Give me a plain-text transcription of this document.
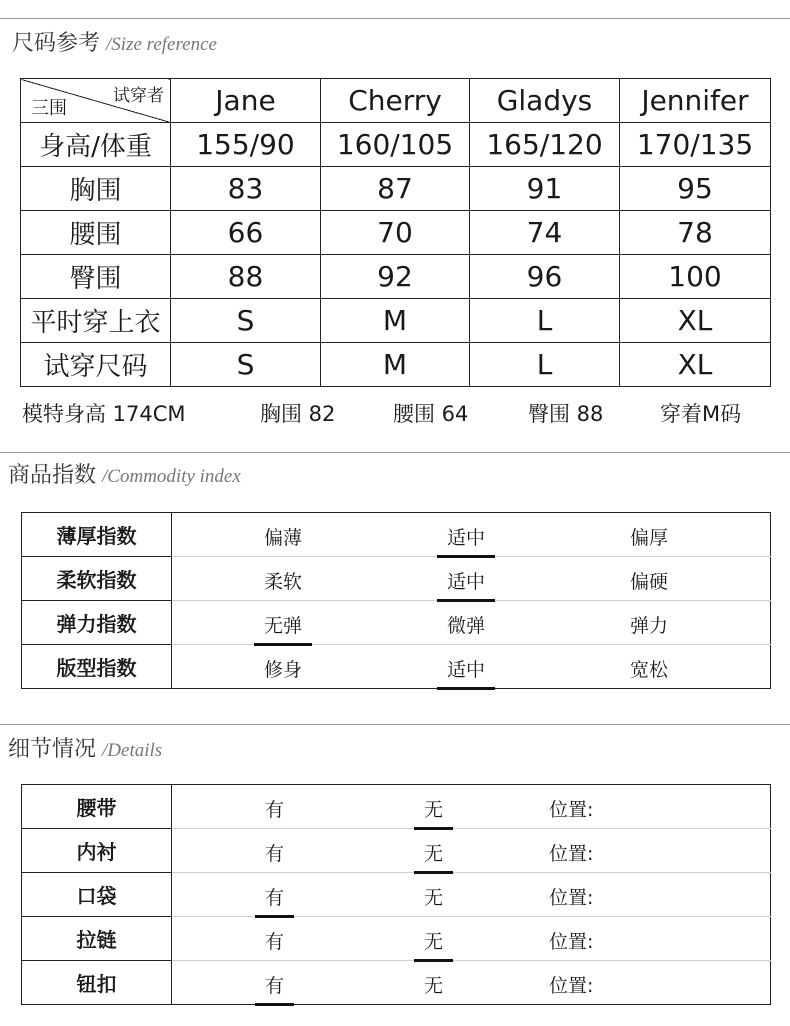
尺码参考 /Size reference
试穿者
三围	Jane	Cherry	Gladys	Jennifer
身高/体重	155/90	160/105	165/120	170/135
胸围	83	87	91	95
腰围	66	70	74	78
臀围	88	92	96	100
平时穿上衣	S	M	L	XL
试穿尺码	S	M	L	XL
模特身高 174CM	胸围 82	腰围 64	臀围 88	穿着M码
商品指数 /Commodity index
薄厚指数	偏薄 适中 偏厚

柔软指数	柔软 适中 偏硬

弹力指数	无弹 微弹 弹力

版型指数	修身 适中 宽松
细节情况 /Details
腰带	有 无 位置:

内衬	有 无 位置:

口袋	有 无 位置:

拉链	有 无 位置:

钮扣	有 无 位置:
